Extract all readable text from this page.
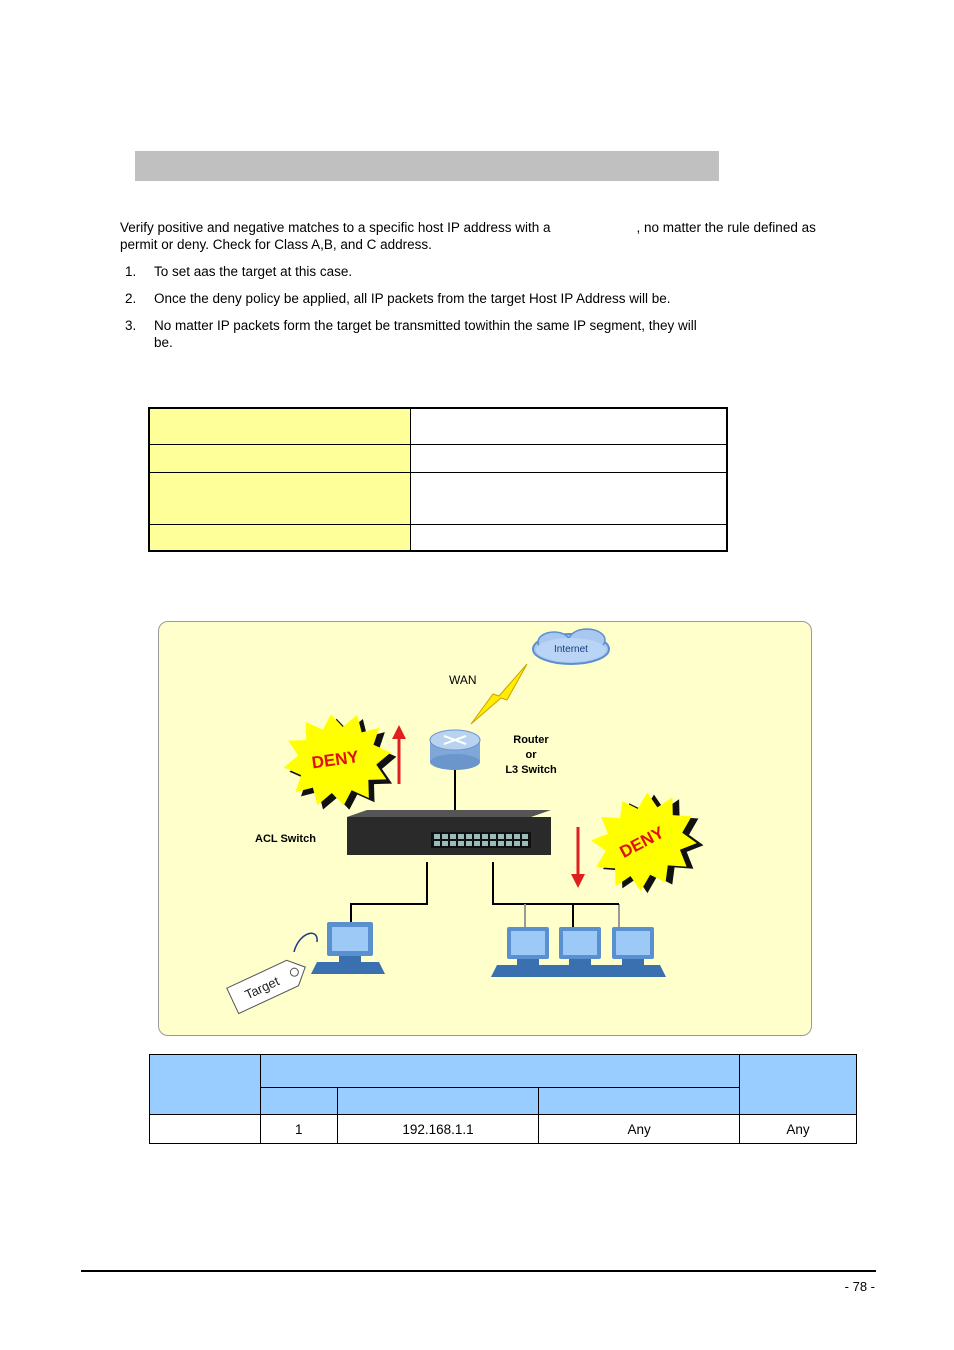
Verify positive and negative matches to a specific host IP address with a	, no matter the rule defined as
permit or deny. Check for Class A,B, and C address.
1. To set aas the target at this case.
2. Once the deny policy be applied, all IP packets from the target Host IP Address will be.
3. No matter IP packets form the target be transmitted towithin the same IP segment, they will
be.

Internet
WAN
Router
or
L3 Switch
ACL Switch
DENY
DENY
Target

	1	192.168.1.1	Any	Any
- 78 -
